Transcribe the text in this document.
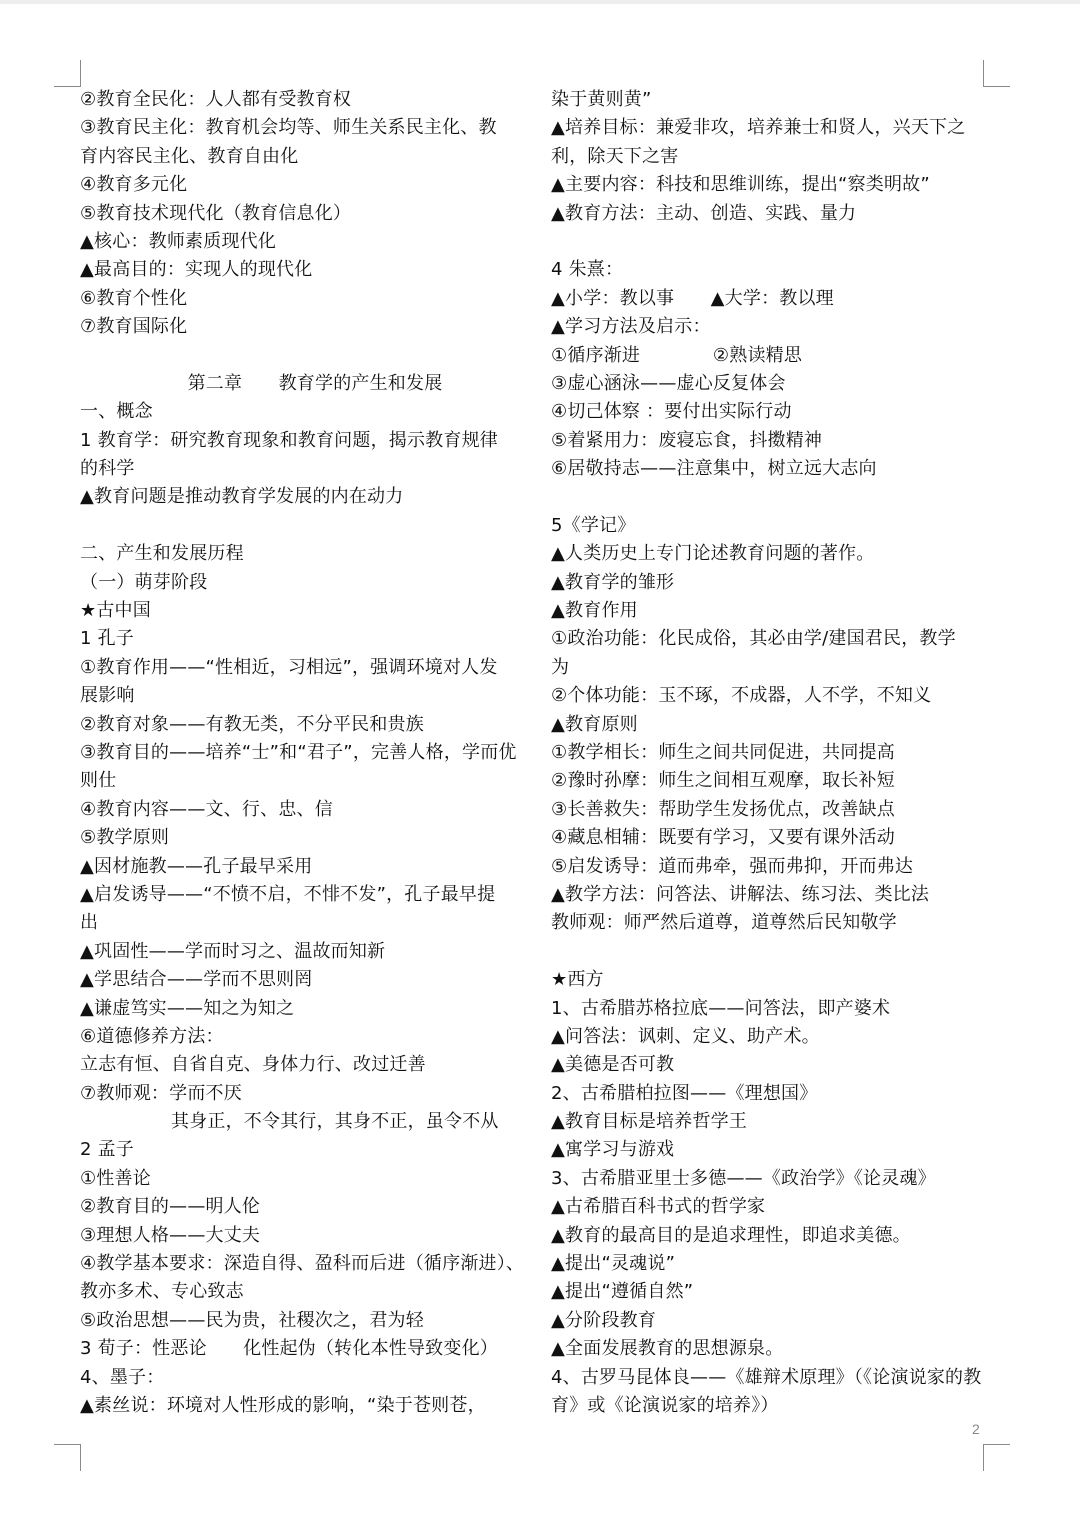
②教育全民化：人人都有受教育权
③教育民主化：教育机会均等、师生关系民主化、教
育内容民主化、教育自由化
④教育多元化
⑤教育技术现代化（教育信息化）
▲核心：教师素质现代化
▲最高目的：实现人的现代化
⑥教育个性化
⑦教育国际化
第二章　　教育学的产生和发展
一、概念
1 教育学：研究教育现象和教育问题，揭示教育规律
的科学
▲教育问题是推动教育学发展的内在动力
二、产生和发展历程
（一）萌芽阶段
★古中国
1 孔子
①教育作用——“性相近，习相远”，强调环境对人发
展影响
②教育对象——有教无类，不分平民和贵族
③教育目的——培养“士”和“君子”，完善人格，学而优
则仕
④教育内容——文、行、忠、信
⑤教学原则
▲因材施教——孔子最早采用
▲启发诱导——“不愤不启，不悱不发”，孔子最早提
出
▲巩固性——学而时习之、温故而知新
▲学思结合——学而不思则罔
▲谦虚笃实——知之为知之
⑥道德修养方法：
立志有恒、自省自克、身体力行、改过迁善
⑦教师观：学而不厌
　　　　　其身正，不令其行，其身不正，虽令不从
2 孟子
①性善论
②教育目的——明人伦
③理想人格——大丈夫
④教学基本要求：深造自得、盈科而后进（循序渐进）、
教亦多术、专心致志
⑤政治思想——民为贵，社稷次之，君为轻
3 荀子：性恶论　　化性起伪（转化本性导致变化）
4、墨子：
▲素丝说：环境对人性形成的影响，“染于苍则苍，
染于黄则黄”
▲培养目标：兼爱非攻，培养兼士和贤人，兴天下之
利，除天下之害
▲主要内容：科技和思维训练，提出“察类明故”
▲教育方法：主动、创造、实践、量力
4 朱熹：
▲小学：教以事　　▲大学：教以理
▲学习方法及启示：
①循序渐进　　　　②熟读精思
③虚心涵泳——虚心反复体会
④切己体察 ：要付出实际行动
⑤着紧用力：废寝忘食，抖擞精神
⑥居敬持志——注意集中，树立远大志向
5《学记》
▲人类历史上专门论述教育问题的著作。
▲教育学的雏形
▲教育作用
①政治功能：化民成俗，其必由学/建国君民，教学
为
②个体功能：玉不琢，不成器，人不学，不知义
▲教育原则
①教学相长：师生之间共同促进，共同提高
②豫时孙摩：师生之间相互观摩，取长补短
③长善救失：帮助学生发扬优点，改善缺点
④藏息相辅：既要有学习，又要有课外活动
⑤启发诱导：道而弗牵，强而弗抑，开而弗达
▲教学方法：问答法、讲解法、练习法、类比法
教师观：师严然后道尊，道尊然后民知敬学
★西方
1、古希腊苏格拉底——问答法，即产婆术
▲问答法：讽刺、定义、助产术。
▲美德是否可教
2、古希腊柏拉图——《理想国》
▲教育目标是培养哲学王
▲寓学习与游戏
3、古希腊亚里士多德——《政治学》《论灵魂》
▲古希腊百科书式的哲学家
▲教育的最高目的是追求理性，即追求美德。
▲提出“灵魂说”
▲提出“遵循自然”
▲分阶段教育
▲全面发展教育的思想源泉。
4、古罗马昆体良——《雄辩术原理》（《论演说家的教
育》或《论演说家的培养》）
2
